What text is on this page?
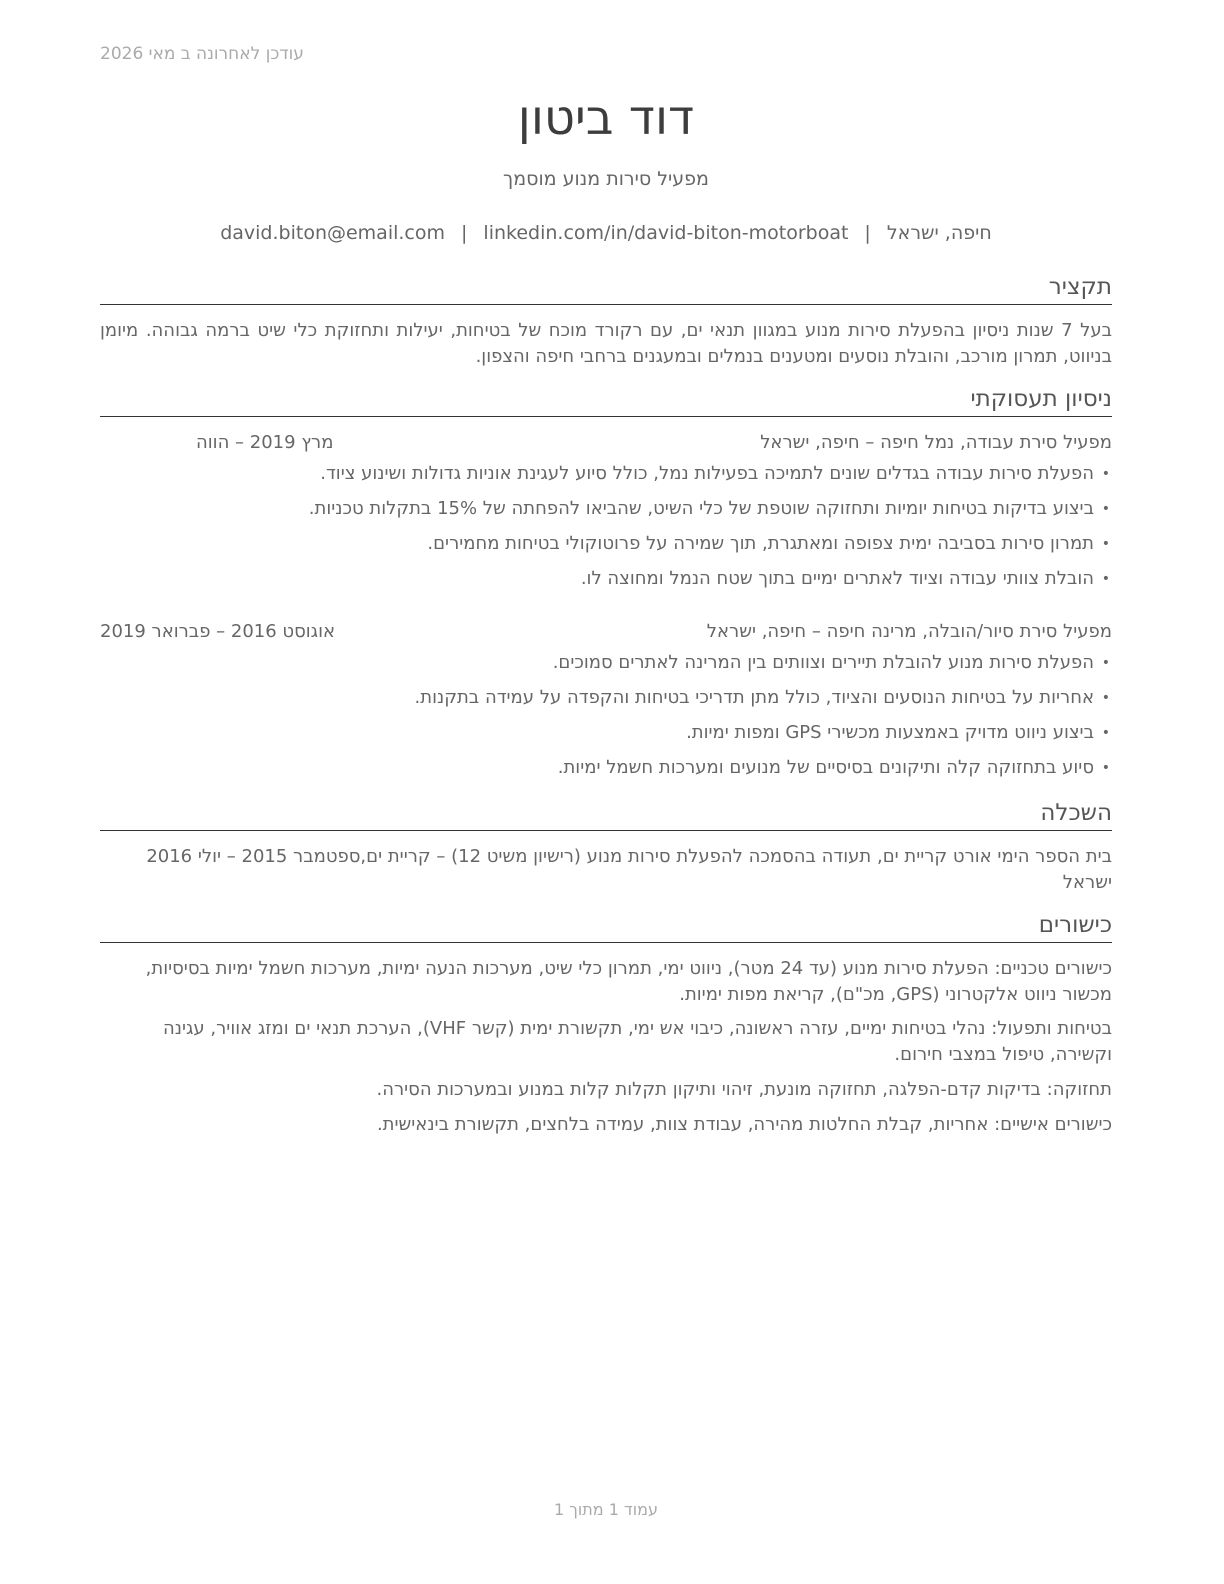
עודכן לאחרונה ב מאי 2026
דוד ביטון
מפעיל סירות מנוע מוסמך
חיפה, ישראל|david.biton@email.com | linkedin.com/in/david-biton-motorboat
תקציר
בעל 7 שנות ניסיון בהפעלת סירות מנוע במגוון תנאי ים, עם רקורד מוכח של בטיחות, יעילות ותחזוקת כלי שיט ברמה גבוהה. מיומן בניווט, תמרון מורכב, והובלת נוסעים ומטענים בנמלים ובמעגנים ברחבי חיפה והצפון.
ניסיון תעסוקתי
מפעיל סירת עבודה, נמל חיפה – חיפה, ישראל
מרץ 2019 – הווה
• הפעלת סירות עבודה בגדלים שונים לתמיכה בפעילות נמל, כולל סיוע לעגינת אוניות גדולות ושינוע ציוד.
• ביצוע בדיקות בטיחות יומיות ותחזוקה שוטפת של כלי השיט, שהביאו להפחתה של 15% בתקלות טכניות.
• תמרון סירות בסביבה ימית צפופה ומאתגרת, תוך שמירה על פרוטוקולי בטיחות מחמירים.
• הובלת צוותי עבודה וציוד לאתרים ימיים בתוך שטח הנמל ומחוצה לו.
מפעיל סירת סיור/הובלה, מרינה חיפה – חיפה, ישראל
אוגוסט 2016 – פברואר 2019
• הפעלת סירות מנוע להובלת תיירים וצוותים בין המרינה לאתרים סמוכים.
• אחריות על בטיחות הנוסעים והציוד, כולל מתן תדריכי בטיחות והקפדה על עמידה בתקנות.
• ביצוע ניווט מדויק באמצעות מכשירי GPS ומפות ימיות.
• סיוע בתחזוקה קלה ותיקונים בסיסיים של מנועים ומערכות חשמל ימיות.
השכלה
בית הספר הימי אורט קריית ים, תעודה בהסמכה להפעלת סירות מנוע (רישיון משיט 12) – קריית ים,ספטמבר 2015 – יולי 2016 ישראל
כישורים
כישורים טכניים: הפעלת סירות מנוע (עד 24 מטר), ניווט ימי, תמרון כלי שיט, מערכות הנעה ימיות, מערכות חשמל ימיות בסיסיות, מכשור ניווט אלקטרוני (GPS, מכ"ם), קריאת מפות ימיות.
בטיחות ותפעול: נהלי בטיחות ימיים, עזרה ראשונה, כיבוי אש ימי, תקשורת ימית (קשר VHF), הערכת תנאי ים ומזג אוויר, עגינה וקשירה, טיפול במצבי חירום.
תחזוקה: בדיקות קדם-הפלגה, תחזוקה מונעת, זיהוי ותיקון תקלות קלות במנוע ובמערכות הסירה.
כישורים אישיים: אחריות, קבלת החלטות מהירה, עבודת צוות, עמידה בלחצים, תקשורת בינאישית.
עמוד 1 מתוך 1
